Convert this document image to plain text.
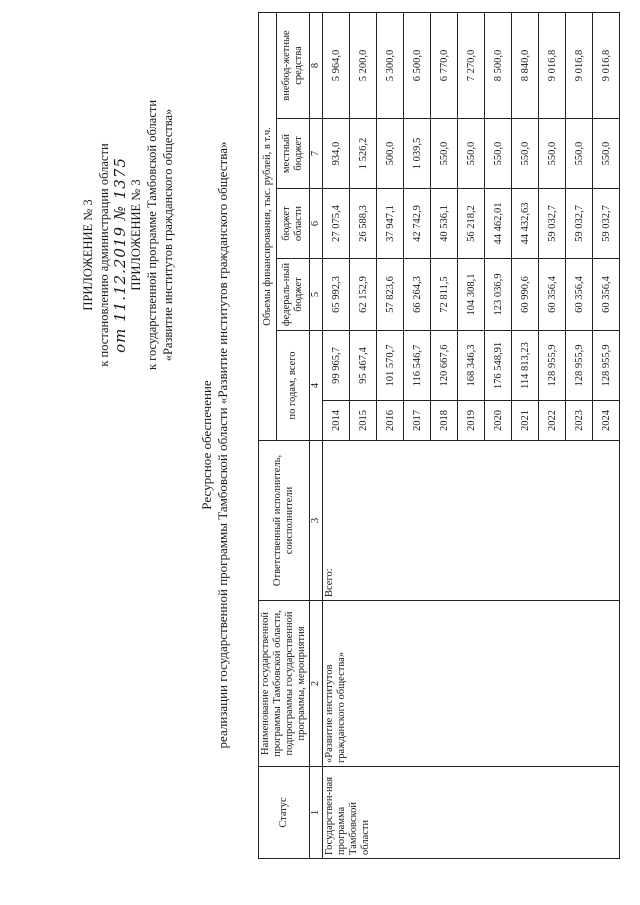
ПРИЛОЖЕНИЕ № 3 к постановлению администрации области от 11.12.2019 № 1375 ПРИЛОЖЕНИЕ № 3 к государственной программе Тамбовской области «Развитие институтов гражданского общества»
Ресурсное обеспечение реализации государственной программы Тамбовской области «Развитие институтов гражданского общества»
Статус	Наименование государственной программы Тамбовской области, подпрограммы государственной программы, мероприятия	Ответственный исполнитель, соисполнители	Объемы финансирования, тыс. рублей, в т.ч.					
			по годам, всего		федераль-ный бюджет	бюджет области	местный бюджет	внебюд-жетные средства
1	2	3	4		5	6	7	8
Государствен-ная программа Тамбовской области	«Развитие институтов гражданского общества»	Всего:	2014	99 965,7	65 992,3	27 075,4	934,0	5 964,0
			2015	95 467,4	62 152,9	26 588,3	1 526,2	5 200,0
			2016	101 570,7	57 823,6	37 947,1	500,0	5 300,0
			2017	116 546,7	66 264,3	42 742,9	1 039,5	6 500,0
			2018	120 667,6	72 811,5	40 536,1	550,0	6 770,0
			2019	168 346,3	104 308,1	56 218,2	550,0	7 270,0
			2020	176 548,91	123 036,9	44 462,01	550,0	8 500,0
			2021	114 813,23	60 990,6	44 432,63	550,0	8 840,0
			2022	128 955,9	60 356,4	59 032,7	550,0	9 016,8
			2023	128 955,9	60 356,4	59 032,7	550,0	9 016,8
			2024	128 955,9	60 356,4	59 032,7	550,0	9 016,8
